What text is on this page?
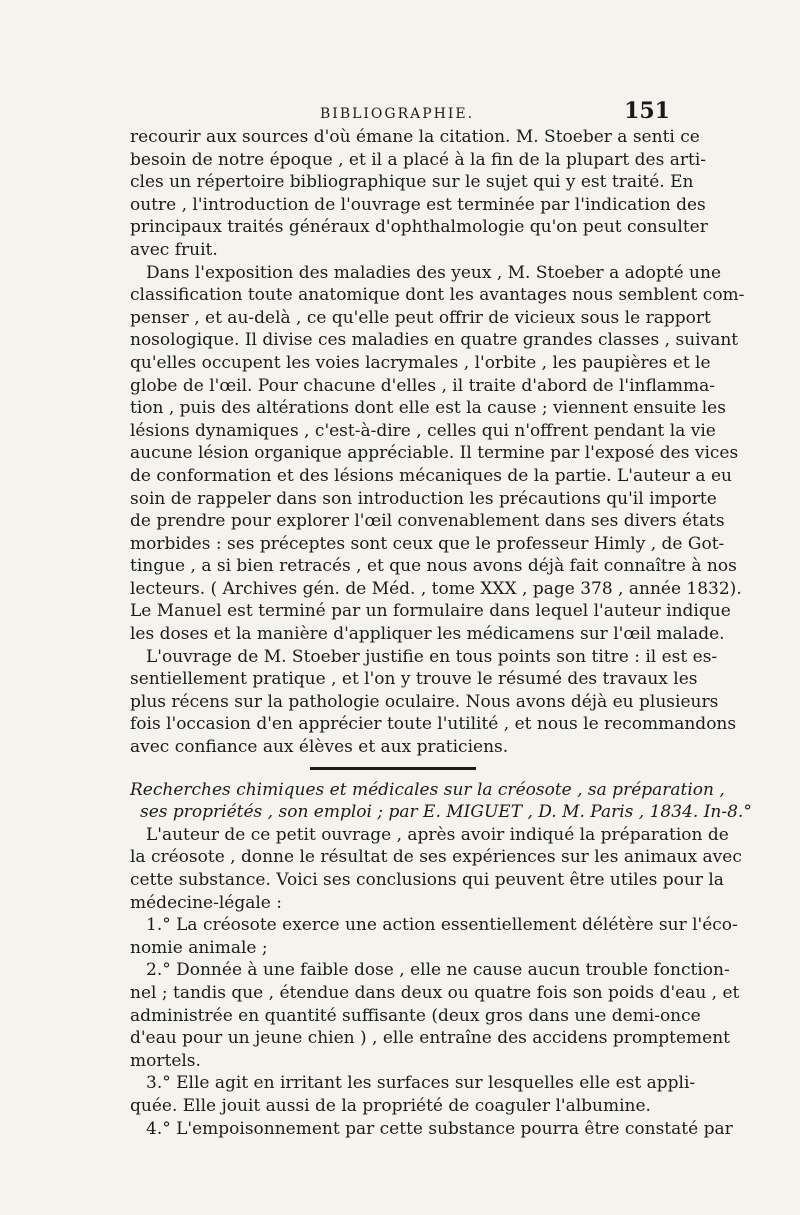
BIBLIOGRAPHIE.	151
recourir aux sources d'où émane la citation. M. Stoeber a senti ce
besoin de notre époque , et il a placé à la fin de la plupart des arti-
cles un répertoire bibliographique sur le sujet qui y est traité. En
outre , l'introduction de l'ouvrage est terminée par l'indication des
principaux traités généraux d'ophthalmologie qu'on peut consulter
avec fruit.
Dans l'exposition des maladies des yeux , M. Stoeber a adopté une
classification toute anatomique dont les avantages nous semblent com-
penser , et au-delà , ce qu'elle peut offrir de vicieux sous le rapport
nosologique. Il divise ces maladies en quatre grandes classes , suivant
qu'elles occupent les voies lacrymales , l'orbite , les paupières et le
globe de l'œil. Pour chacune d'elles , il traite d'abord de l'inflamma-
tion , puis des altérations dont elle est la cause ; viennent ensuite les
lésions dynamiques , c'est-à-dire , celles qui n'offrent pendant la vie
aucune lésion organique appréciable. Il termine par l'exposé des vices
de conformation et des lésions mécaniques de la partie. L'auteur a eu
soin de rappeler dans son introduction les précautions qu'il importe
de prendre pour explorer l'œil convenablement dans ses divers états
morbides : ses préceptes sont ceux que le professeur Himly , de Got-
tingue , a si bien retracés , et que nous avons déjà fait connaître à nos
lecteurs. ( Archives gén. de Méd. , tome XXX , page 378 , année 1832).
Le Manuel est terminé par un formulaire dans lequel l'auteur indique
les doses et la manière d'appliquer les médicamens sur l'œil malade.
L'ouvrage de M. Stoeber justifie en tous points son titre : il est es-
sentiellement pratique , et l'on y trouve le résumé des travaux les
plus récens sur la pathologie oculaire. Nous avons déjà eu plusieurs
fois l'occasion d'en apprécier toute l'utilité , et nous le recommandons
avec confiance aux élèves et aux praticiens.
Recherches chimiques et médicales sur la créosote , sa préparation ,
ses propriétés , son emploi ; par E. MIGUET , D. M. Paris , 1834. In-8.°
L'auteur de ce petit ouvrage , après avoir indiqué la préparation de
la créosote , donne le résultat de ses expériences sur les animaux avec
cette substance. Voici ses conclusions qui peuvent être utiles pour la
médecine-légale :
1.° La créosote exerce une action essentiellement délétère sur l'éco-
nomie animale ;
2.° Donnée à une faible dose , elle ne cause aucun trouble fonction-
nel ; tandis que , étendue dans deux ou quatre fois son poids d'eau , et
administrée en quantité suffisante (deux gros dans une demi-once
d'eau pour un jeune chien ) , elle entraîne des accidens promptement
mortels.
3.° Elle agit en irritant les surfaces sur lesquelles elle est appli-
quée. Elle jouit aussi de la propriété de coaguler l'albumine.
4.° L'empoisonnement par cette substance pourra être constaté par
